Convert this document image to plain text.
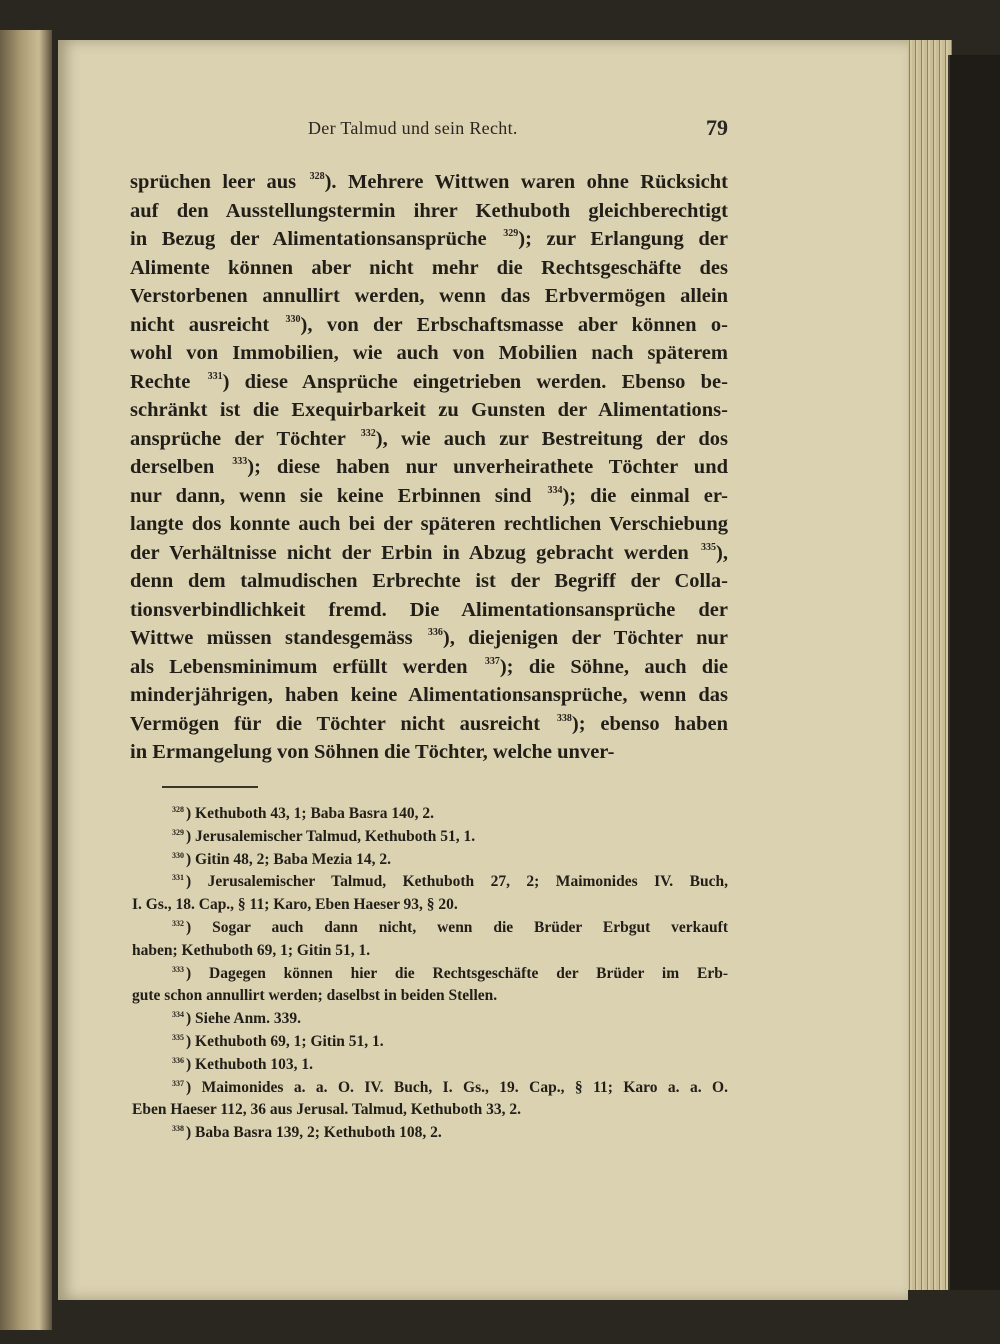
Der Talmud und sein Recht.	79
sprüchen leer aus $^{328}$). Mehrere Wittwen waren ohne Rücksicht
auf den Ausstellungstermin ihrer Kethuboth gleichberechtigt
in Bezug der Alimentationsansprüche $^{329}$); zur Erlangung der
Alimente können aber nicht mehr die Rechtsgeschäfte des
Verstorbenen annullirt werden, wenn das Erbvermögen allein
nicht ausreicht $^{330}$), von der Erbschaftsmasse aber können o-
wohl von Immobilien, wie auch von Mobilien nach späterem
Rechte $^{331}$) diese Ansprüche eingetrieben werden. Ebenso be-
schränkt ist die Exequirbarkeit zu Gunsten der Alimentations-
ansprüche der Töchter $^{332}$), wie auch zur Bestreitung der dos
derselben $^{333}$); diese haben nur unverheirathete Töchter und
nur dann, wenn sie keine Erbinnen sind $^{334}$); die einmal er-
langte dos konnte auch bei der späteren rechtlichen Verschiebung
der Verhältnisse nicht der Erbin in Abzug gebracht werden $^{335}$),
denn dem talmudischen Erbrechte ist der Begriff der Colla-
tionsverbindlichkeit fremd. Die Alimentationsansprüche der
Wittwe müssen standesgemäss $^{336}$), diejenigen der Töchter nur
als Lebensminimum erfüllt werden $^{337}$); die Söhne, auch die
minderjährigen, haben keine Alimentationsansprüche, wenn das
Vermögen für die Töchter nicht ausreicht $^{338}$); ebenso haben
in Ermangelung von Söhnen die Töchter, welche unver-
$^{328}$ ) Kethuboth 43, 1; Baba Basra 140, 2.
$^{329}$ ) Jerusalemischer Talmud, Kethuboth 51, 1.
$^{330}$ ) Gitin 48, 2; Baba Mezia 14, 2.
$^{331}$ ) Jerusalemischer Talmud, Kethuboth 27, 2; Maimonides IV. Buch,
I. Gs., 18. Cap., § 11; Karo, Eben Haeser 93, § 20.
$^{332}$ ) Sogar auch dann nicht, wenn die Brüder Erbgut verkauft
haben; Kethuboth 69, 1; Gitin 51, 1.
$^{333}$ ) Dagegen können hier die Rechtsgeschäfte der Brüder im Erb-
gute schon annullirt werden; daselbst in beiden Stellen.
$^{334}$ ) Siehe Anm. 339.
$^{335}$ ) Kethuboth 69, 1; Gitin 51, 1.
$^{336}$ ) Kethuboth 103, 1.
$^{337}$ ) Maimonides a. a. O. IV. Buch, I. Gs., 19. Cap., § 11; Karo a. a. O.
Eben Haeser 112, 36 aus Jerusal. Talmud, Kethuboth 33, 2.
$^{338}$ ) Baba Basra 139, 2; Kethuboth 108, 2.
